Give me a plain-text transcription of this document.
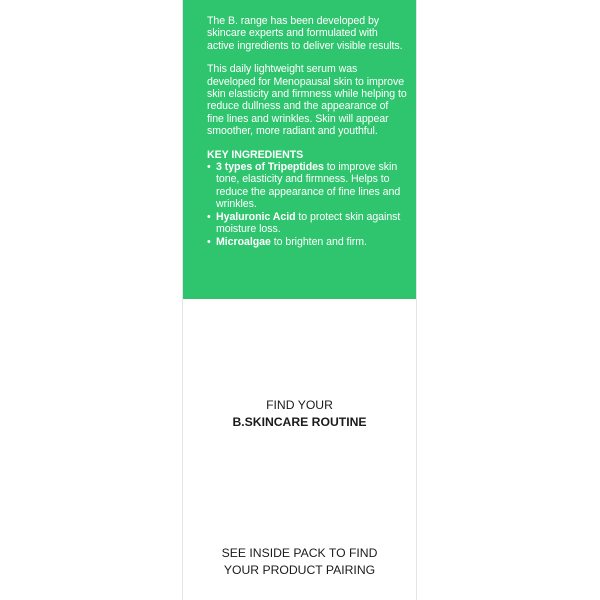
The B. range has been developed by skincare experts and formulated with active ingredients to deliver visible results.

This daily lightweight serum was developed for Menopausal skin to improve skin elasticity and firmness while helping to reduce dullness and the appearance of fine lines and wrinkles. Skin will appear smoother, more radiant and youthful.

KEY INGREDIENTS

• 3 types of Tripeptides to improve skin tone, elasticity and firmness. Helps to reduce the appearance of fine lines and wrinkles.
• Hyaluronic Acid to protect skin against moisture loss.
• Microalgae to brighten and firm.
FIND YOUR
B.SKINCARE ROUTINE
SEE INSIDE PACK TO FIND
YOUR PRODUCT PAIRING
